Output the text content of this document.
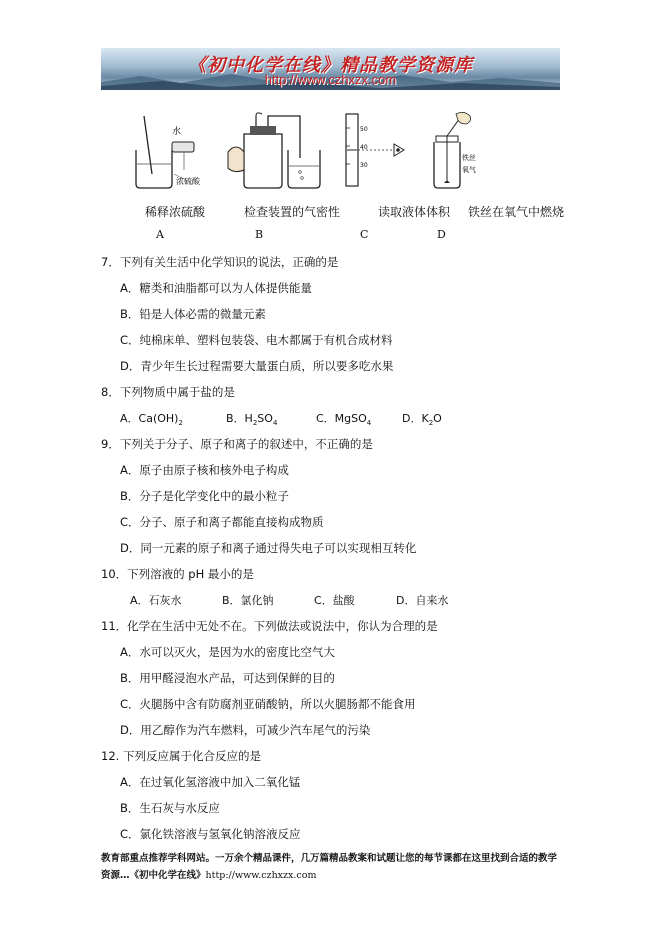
《初中化学在线》精品教学资源库
http://www.czhxzx.com
水
浓硫酸
50
40
30
铁丝
氧气
稀释浓硫酸	检查装置的气密性	读取液体体积 铁丝在氧气中燃烧
A	B	C	D
7．下列有关生活中化学知识的说法，正确的是
A．糖类和油脂都可以为人体提供能量
B．铅是人体必需的微量元素
C．纯棉床单、塑料包装袋、电木都属于有机合成材料
D．青少年生长过程需要大量蛋白质，所以要多吃水果
8．下列物质中属于盐的是
A．$Ca(OH)_2$	B．$H_2SO_4$	C．MgSO$_4$	D．$K_2O$
9．下列关于分子、原子和离子的叙述中，不正确的是
A．原子由原子核和核外电子构成
B．分子是化学变化中的最小粒子
C．分子、原子和离子都能直接构成物质
D．同一元素的原子和离子通过得失电子可以实现相互转化
10．下列溶液的 pH 最小的是
A．石灰水	B．氯化钠	C．盐酸	D．自来水
11．化学在生活中无处不在。下列做法或说法中，你认为合理的是
A．水可以灭火，是因为水的密度比空气大
B．用甲醛浸泡水产品，可达到保鲜的目的
C．火腿肠中含有防腐剂亚硝酸钠，所以火腿肠都不能食用
D．用乙醇作为汽车燃料，可减少汽车尾气的污染
12. 下列反应属于化合反应的是
A．在过氧化氢溶液中加入二氧化锰
B．生石灰与水反应
C．氯化铁溶液与氢氧化钠溶液反应
教育部重点推荐学科网站。一万余个精品课件，几万篇精品教案和试题让您的每节课都在这里找到合适的教学资源…《初中化学在线》http://www.czhxzx.com
